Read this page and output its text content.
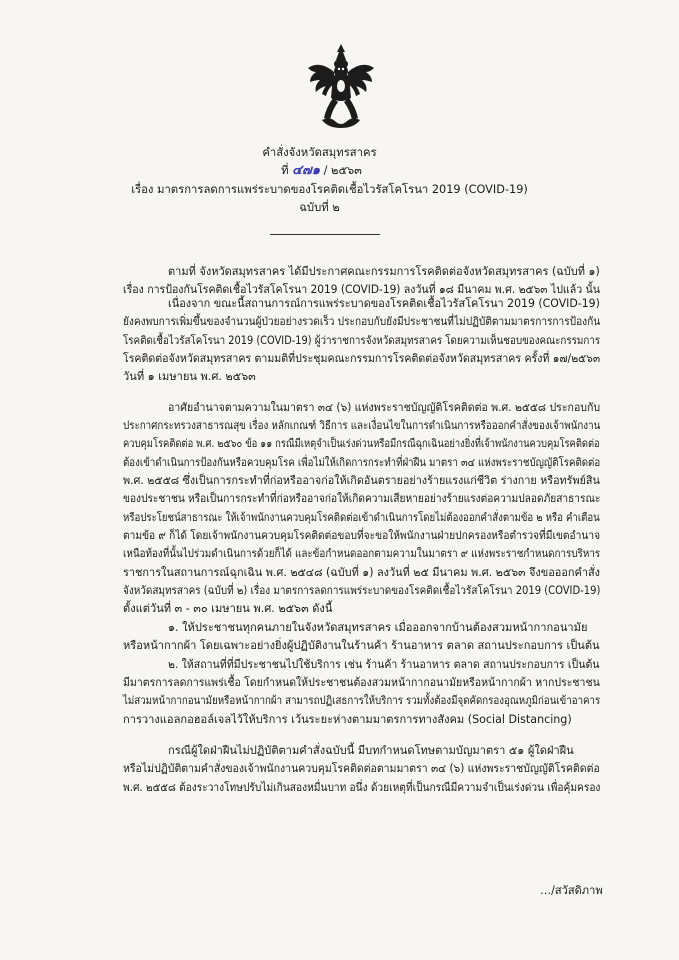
คำสั่งจังหวัดสมุทรสาคร
ที่ ๔๗๑ / ๒๕๖๓
เรื่อง มาตรการลดการแพร่ระบาดของโรคติดเชื้อไวรัสโคโรนา 2019 (COVID-19)
ฉบับที่ ๒
ตามที่ จังหวัดสมุทรสาคร ได้มีประกาศคณะกรรมการโรคติดต่อจังหวัดสมุทรสาคร (ฉบับที่ ๑)
เรื่อง การป้องกันโรคติดเชื้อไวรัสโคโรนา 2019 (COVID-19) ลงวันที่ ๑๘ มีนาคม พ.ศ. ๒๕๖๓ ไปแล้ว นั้น
เนื่องจาก ขณะนี้สถานการณ์การแพร่ระบาดของโรคติดเชื้อไวรัสโคโรนา 2019 (COVID-19)
ยังคงพบการเพิ่มขึ้นของจำนวนผู้ป่วยอย่างรวดเร็ว ประกอบกับยังมีประชาชนที่ไม่ปฏิบัติตามมาตรการการป้องกัน
โรคติดเชื้อไวรัสโคโรนา 2019 (COVID-19) ผู้ว่าราชการจังหวัดสมุทรสาคร โดยความเห็นชอบของคณะกรรมการ
โรคติดต่อจังหวัดสมุทรสาคร ตามมติที่ประชุมคณะกรรมการโรคติดต่อจังหวัดสมุทรสาคร ครั้งที่ ๑๗/๒๕๖๓
วันที่ ๑ เมษายน พ.ศ. ๒๕๖๓
อาศัยอำนาจตามความในมาตรา ๓๔ (๖) แห่งพระราชบัญญัติโรคติดต่อ พ.ศ. ๒๕๕๘ ประกอบกับ
ประกาศกระทรวงสาธารณสุข เรื่อง หลักเกณฑ์ วิธีการ และเงื่อนไขในการดำเนินการหรือออกคำสั่งของเจ้าพนักงาน
ควบคุมโรคติดต่อ พ.ศ. ๒๕๖๐ ข้อ ๑๑ กรณีมีเหตุจำเป็นเร่งด่วนหรือมีกรณีฉุกเฉินอย่างยิ่งที่เจ้าพนักงานควบคุมโรคติดต่อ
ต้องเข้าดำเนินการป้องกันหรือควบคุมโรค เพื่อไม่ให้เกิดการกระทำที่ฝ่าฝืน มาตรา ๓๔ แห่งพระราชบัญญัติโรคติดต่อ
พ.ศ. ๒๕๕๘ ซึ่งเป็นการกระทำที่ก่อหรืออาจก่อให้เกิดอันตรายอย่างร้ายแรงแก่ชีวิต ร่างกาย หรือทรัพย์สิน
ของประชาชน หรือเป็นการกระทำที่ก่อหรืออาจก่อให้เกิดความเสียหายอย่างร้ายแรงต่อความปลอดภัยสาธารณะ
หรือประโยชน์สาธารณะ ให้เจ้าพนักงานควบคุมโรคติดต่อเข้าดำเนินการโดยไม่ต้องออกคำสั่งตามข้อ ๒ หรือ คำเตือน
ตามข้อ ๙ ก็ได้ โดยเจ้าพนักงานควบคุมโรคติดต่อขอบที่จะขอให้พนักงานฝ่ายปกครองหรือตำรวจที่มีเขตอำนาจ
เหนือท้องที่นั้นไปร่วมดำเนินการด้วยก็ได้ และข้อกำหนดออกตามความในมาตรา ๙ แห่งพระราชกำหนดการบริหาร
ราชการในสถานการณ์ฉุกเฉิน พ.ศ. ๒๕๔๘ (ฉบับที่ ๑) ลงวันที่ ๒๕ มีนาคม พ.ศ. ๒๕๖๓ จึงขอออกคำสั่ง
จังหวัดสมุทรสาคร (ฉบับที่ ๒) เรื่อง มาตรการลดการแพร่ระบาดของโรคติดเชื้อไวรัสโคโรนา 2019 (COVID-19)
ตั้งแต่วันที่ ๓ - ๓๐ เมษายน พ.ศ. ๒๕๖๓ ดังนี้
๑. ให้ประชาชนทุกคนภายในจังหวัดสมุทรสาคร เมื่อออกจากบ้านต้องสวมหน้ากากอนามัย
หรือหน้ากากผ้า โดยเฉพาะอย่างยิ่งผู้ปฏิบัติงานในร้านค้า ร้านอาหาร ตลาด สถานประกอบการ เป็นต้น
๒. ให้สถานที่ที่มีประชาชนไปใช้บริการ เช่น ร้านค้า ร้านอาหาร ตลาด สถานประกอบการ เป็นต้น
มีมาตรการลดการแพร่เชื้อ โดยกำหนดให้ประชาชนต้องสวมหน้ากากอนามัยหรือหน้ากากผ้า หากประชาชน
ไม่สวมหน้ากากอนามัยหรือหน้ากากผ้า สามารถปฏิเสธการให้บริการ รวมทั้งต้องมีจุดคัดกรองอุณหภูมิก่อนเข้าอาคาร
การวางแอลกอฮอล์เจลไว้ให้บริการ เว้นระยะห่างตามมาตรการทางสังคม (Social Distancing)
กรณีผู้ใดฝ่าฝืนไม่ปฏิบัติตามคำสั่งฉบับนี้ มีบทกำหนดโทษตามบัญมาตรา ๕๑ ผู้ใดฝ่าฝืน
หรือไม่ปฏิบัติตามคำสั่งของเจ้าพนักงานควบคุมโรคติดต่อตามมาตรา ๓๔ (๖) แห่งพระราชบัญญัติโรคติดต่อ
พ.ศ. ๒๕๕๘ ต้องระวางโทษปรับไม่เกินสองหมื่นบาท อนึ่ง ด้วยเหตุที่เป็นกรณีมีความจำเป็นเร่งด่วน เพื่อคุ้มครอง
…/สวัสดิภาพ
